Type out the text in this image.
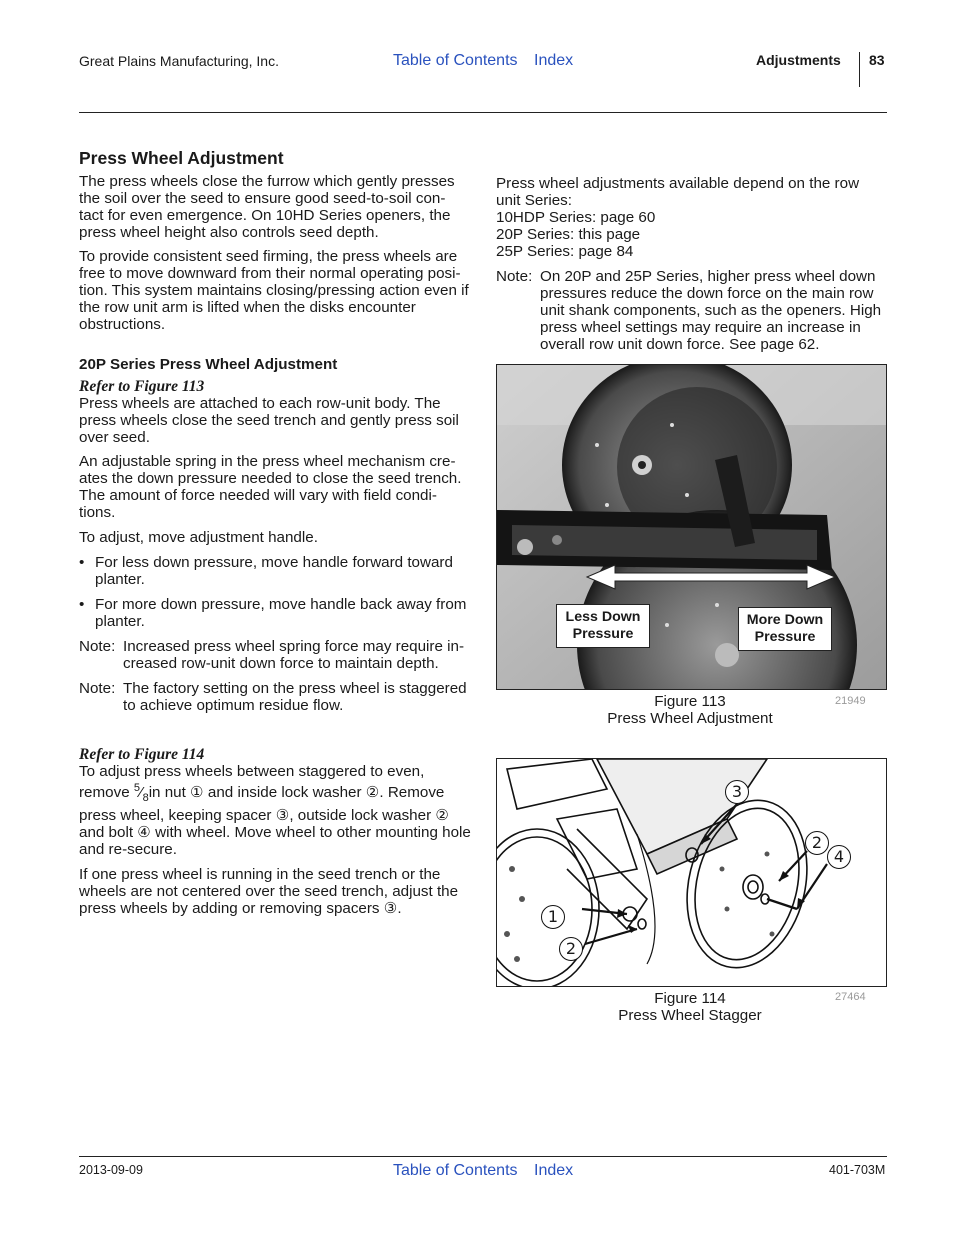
Great Plains Manufacturing, Inc.	Table of Contents Index	Adjustments 83
Press Wheel Adjustment

The press wheels close the furrow which gently presses the soil over the seed to ensure good seed-to-soil con- tact for even emergence. On 10HD Series openers, the press wheel height also controls seed depth.

To provide consistent seed firming, the press wheels are free to move downward from their normal operating posi- tion. This system maintains closing/pressing action even if the row unit arm is lifted when the disks encounter obstructions.

20P Series Press Wheel Adjustment
Refer to Figure 113

Press wheels are attached to each row-unit body. The press wheels close the seed trench and gently press soil over seed.

An adjustable spring in the press wheel mechanism cre- ates the down pressure needed to close the seed trench. The amount of force needed will vary with field condi- tions.

To adjust, move adjustment handle.

• For less down pressure, move handle forward toward planter.
• For more down pressure, move handle back away from planter.
Note: Increased press wheel spring force may require in- creased row-unit down force to maintain depth.
Note: The factory setting on the press wheel is staggered to achieve optimum residue flow.
Refer to Figure 114

To adjust press wheels between staggered to even, remove $^5⁄_8in$ nut ① and inside lock washer ②. Remove press wheel, keeping spacer ③, outside lock washer ② and bolt ④ with wheel. Move wheel to other mounting hole and re-secure.

If one press wheel is running in the seed trench or the wheels are not centered over the seed trench, adjust the press wheels by adding or removing spacers ③.

Press wheel adjustments available depend on the row

unit Series:

10HDP Series: page 60

20P Series: this page

25P Series: page 84

Note: On 20P and 25P Series, higher press wheel down pressures reduce the down force on the main row unit shank components, such as the openers. High press wheel settings may require an increase in overall row unit down force. See page 62.
Less Down Pressure
More Down Pressure
Figure 113
Press Wheel Adjustment
21949
3
2
4
1
2
Figure 114
Press Wheel Stagger
27464
2013-09-09	Table of Contents Index	401-703M
